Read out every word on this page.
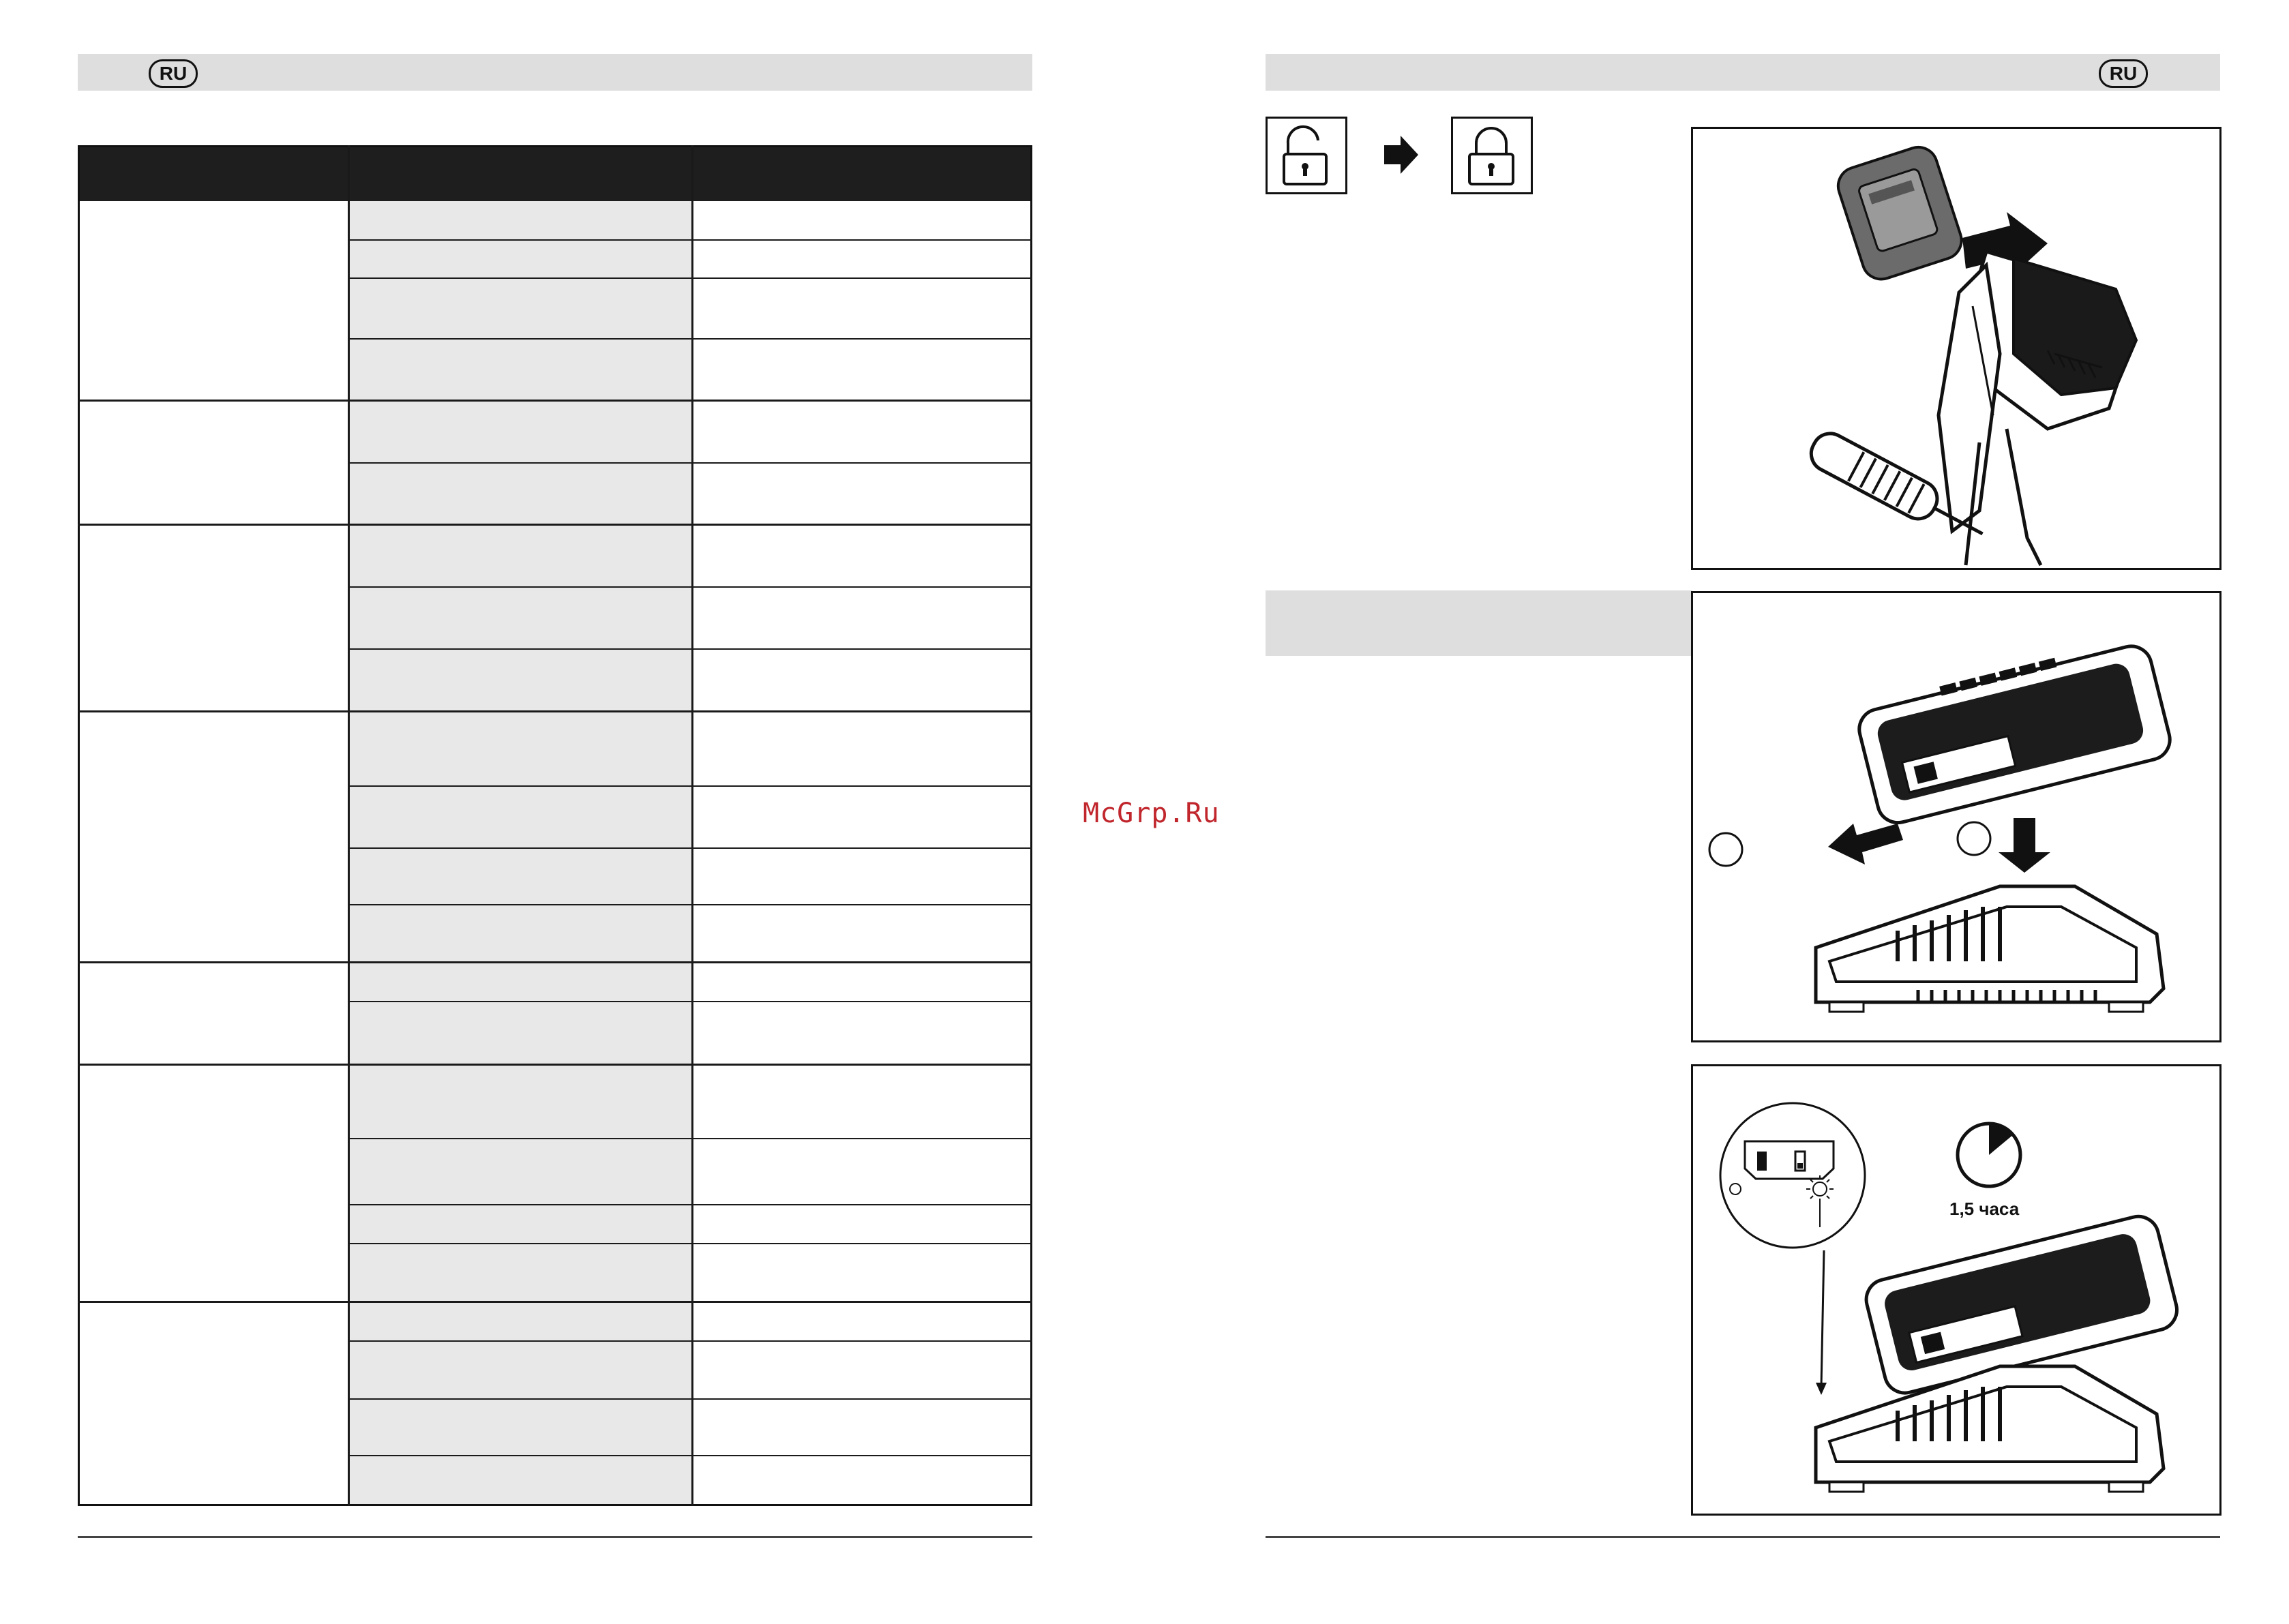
RU
McGrp.Ru
RU
1,5 часа
